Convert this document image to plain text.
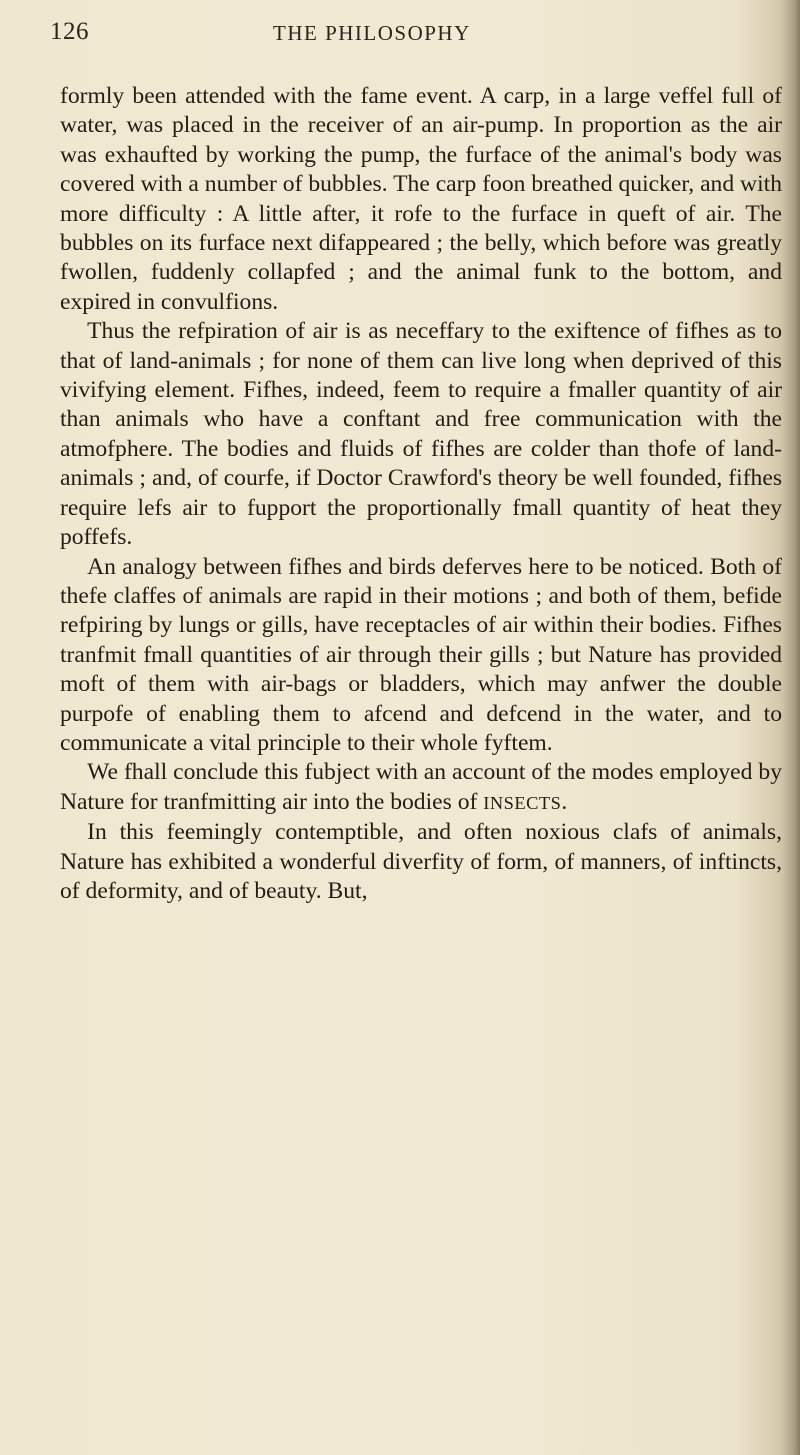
126	THE PHILOSOPHY

formly been attended with the fame event. A carp, in a large veffel full of water, was placed in the receiver of an air-pump. In proportion as the air was exhaufted by working the pump, the furface of the animal's body was covered with a number of bubbles. The carp foon breathed quicker, and with more difficulty : A little after, it rofe to the furface in queft of air. The bubbles on its furface next difappeared ; the belly, which before was greatly fwollen, fuddenly collapfed ; and the animal funk to the bottom, and expired in convulfions.

Thus the refpiration of air is as neceffary to the exiftence of fifhes as to that of land-animals ; for none of them can live long when deprived of this vivifying element. Fifhes, indeed, feem to require a fmaller quantity of air than animals who have a conftant and free communication with the atmofphere. The bodies and fluids of fifhes are colder than thofe of land-animals ; and, of courfe, if Doctor Crawford's theory be well founded, fifhes require lefs air to fupport the proportionally fmall quantity of heat they poffefs.

An analogy between fifhes and birds deferves here to be noticed. Both of thefe claffes of animals are rapid in their motions ; and both of them, befide refpiring by lungs or gills, have receptacles of air within their bodies. Fifhes tranfmit fmall quantities of air through their gills ; but Nature has provided moft of them with air-bags or bladders, which may anfwer the double purpofe of enabling them to afcend and defcend in the water, and to communicate a vital principle to their whole fyftem.

We fhall conclude this fubject with an account of the modes employed by Nature for tranfmitting air into the bodies of INSECTS.

In this feemingly contemptible, and often noxious clafs of animals, Nature has exhibited a wonderful diverfity of form, of manners, of inftincts, of deformity, and of beauty. But,
